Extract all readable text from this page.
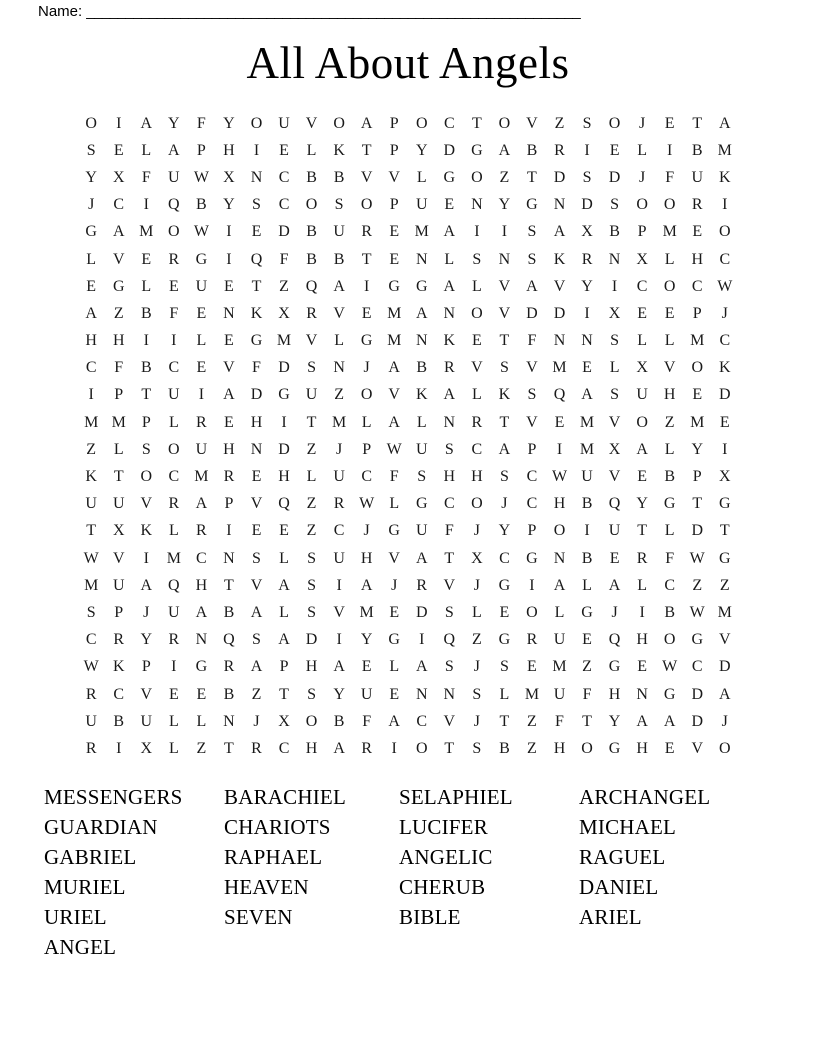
Name: _______________________________________________________________
All About Angels
O	I	A Y	F	Y O U V O A	P	O	C	T	O V	Z	S	O	J	E	T	A
S	E	L	A	P	H	I	E	L	K	T	P	Y D G A	B	R	I	E	L	I	B M
Y X	F	U W X N	C	B	B	V V	L	G O	Z	T	D	S	D	J	F	U K
J	C	I	Q	B	Y	S	C	O	S	O	P	U	E	N Y G N D	S	O O	R	I
G A M O W	I	E	D	B	U	R	E M A	I	I	S	A X	B	P M E	O
L	V	E	R	G	I	Q	F	B	B	T	E	N	L	S	N	S	K	R	N X	L	H	C
E	G	L	E	U	E	T	Z	Q A	I	G G A	L	V A V Y	I	C	O	C W
A	Z	B	F	E	N K X	R	V	E M A N O V D D	I	X	E	E	P	J
H H	I	I	L	E	G M V	L	G M N K	E	T	F	N N	S	L	L M C
C	F	B	C	E	V	F	D	S	N	J	A	B	R	V	S	V M E	L	X V O K
I	P	T	U	I	A D G U	Z	O V K A	L	K	S	Q A	S	U H	E	D
M M P	L	R	E	H	I	T M L	A	L	N	R	T	V	E M V O	Z M E
Z	L	S	O U H N D	Z	J	P W U	S	C	A	P	I	M X A	L	Y	I
K	T	O	C M R	E	H	L	U	C	F	S	H H	S	C W U V	E	B	P	X
U U V	R	A	P	V Q	Z	R W L	G	C	O	J	C	H	B	Q Y G	T	G
T	X K	L	R	I	E	E	Z	C	J	G U	F	J	Y	P	O	I	U	T	L	D	T
W V	I	M C	N	S	L	S	U H V A	T	X	C	G N	B	E	R	F W G
M U A Q H	T	V A	S	I	A	J	R	V	J	G	I	A	L	A	L	C	Z	Z
S	P	J	U A	B	A	L	S	V M E	D	S	L	E	O	L	G	J	I	B W M
C	R	Y	R	N Q	S	A D	I	Y G	I	Q	Z	G	R	U	E	Q H O G V
W K	P	I	G	R	A	P	H A	E	L	A	S	J	S	E M Z	G	E W C	D
R	C	V	E	E	B	Z	T	S	Y U	E	N N	S	L M U	F	H N G D A
U	B	U	L	L	N	J	X O	B	F	A	C	V	J	T	Z	F	T	Y A A D	J
R	I	X	L	Z	T	R	C	H A	R	I	O	T	S	B	Z	H O G H	E	V O
MESSENGERS
GUARDIAN
GABRIEL
MURIEL
URIEL
ANGEL
BARACHIEL
CHARIOTS
RAPHAEL
HEAVEN
SEVEN
SELAPHIEL
LUCIFER
ANGELIC
CHERUB
BIBLE
ARCHANGEL
MICHAEL
RAGUEL
DANIEL
ARIEL
